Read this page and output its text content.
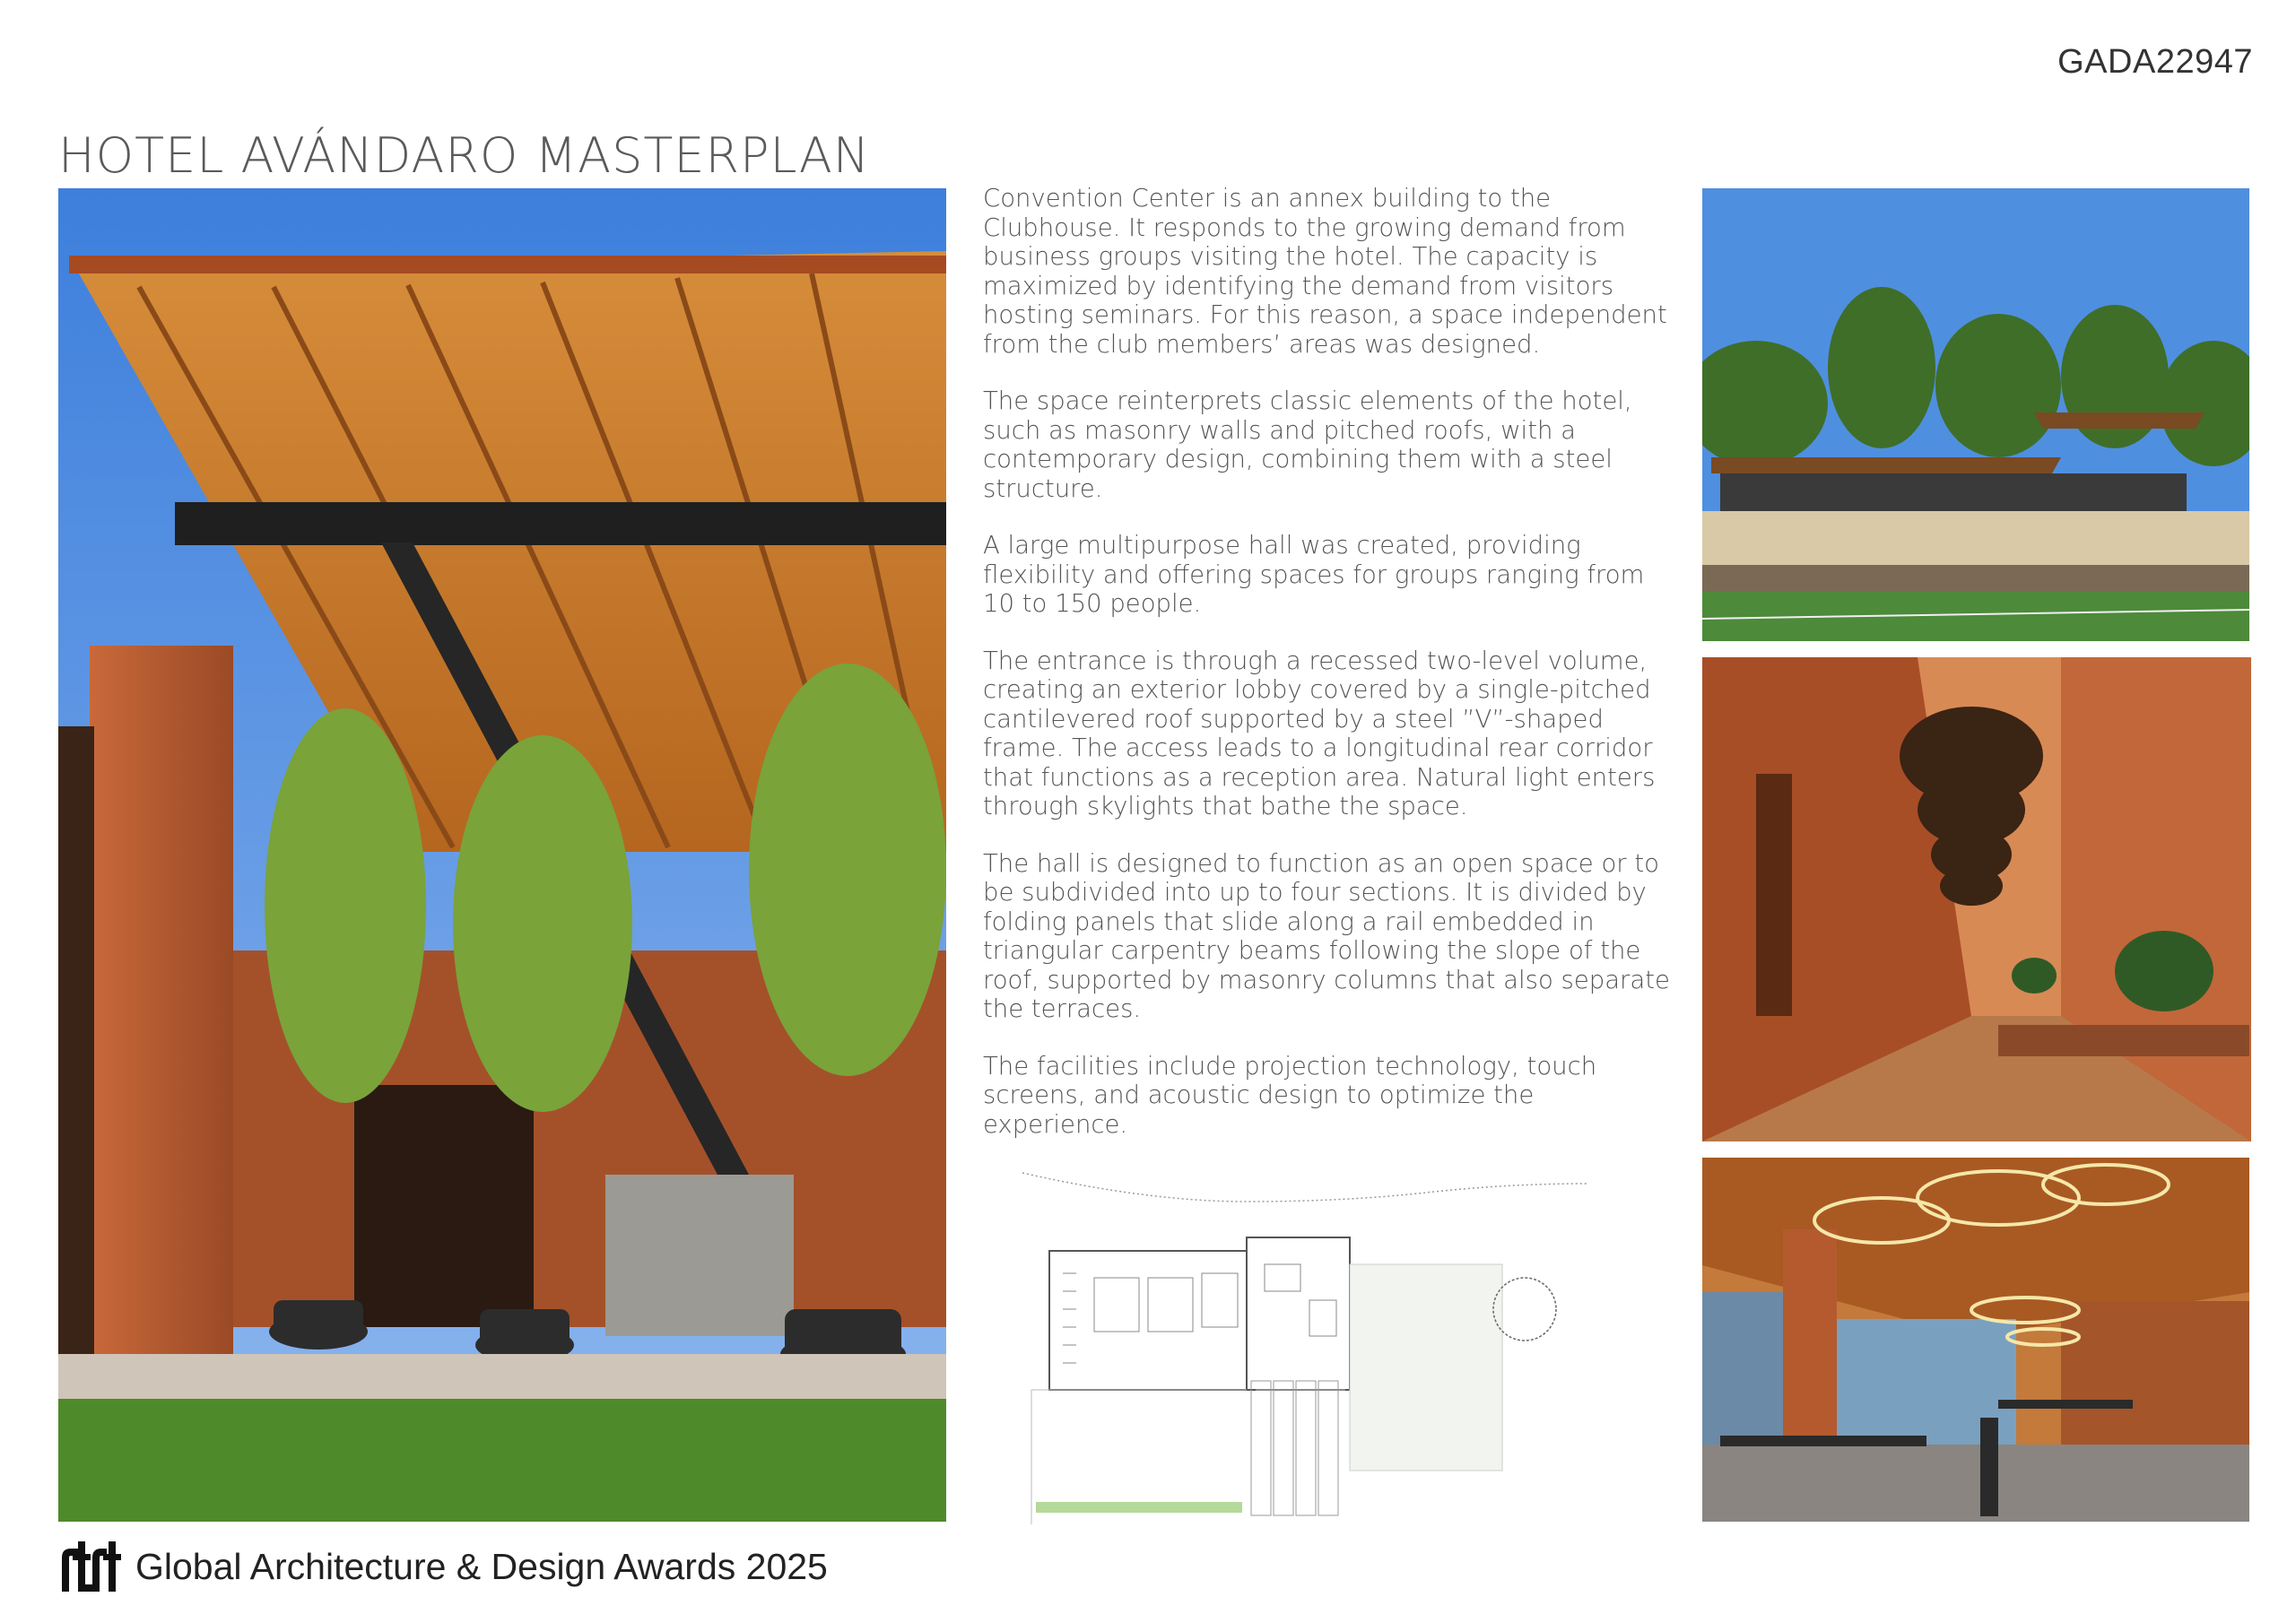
GADA22947
HOTEL AVÁNDARO MASTERPLAN

Convention Center is an annex building to the Clubhouse. It responds to the growing demand from business groups visiting the hotel. The capacity is maximized by identifying the demand from visitors hosting seminars. For this reason, a space independent from the club members’ areas was designed.

The space reinterprets classic elements of the hotel, such as masonry walls and pitched roofs, with a contemporary design, combining them with a steel structure.

A large multipurpose hall was created, providing flexibility and offering spaces for groups ranging from 10 to 150 people.

The entrance is through a recessed two-level volume, creating an exterior lobby covered by a single-pitched cantilevered roof supported by a steel ”V”-shaped frame. The access leads to a longitudinal rear corridor that functions as a reception area. Natural light enters through skylights that bathe the space.

The hall is designed to function as an open space or to be subdivided into up to four sections. It is divided by folding panels that slide along a rail embedded in triangular carpentry beams following the slope of the roof, supported by masonry columns that also separate the terraces.

The facilities include projection technology, touch screens, and acoustic design to optimize the experience.

Global Architecture & Design Awards 2025
